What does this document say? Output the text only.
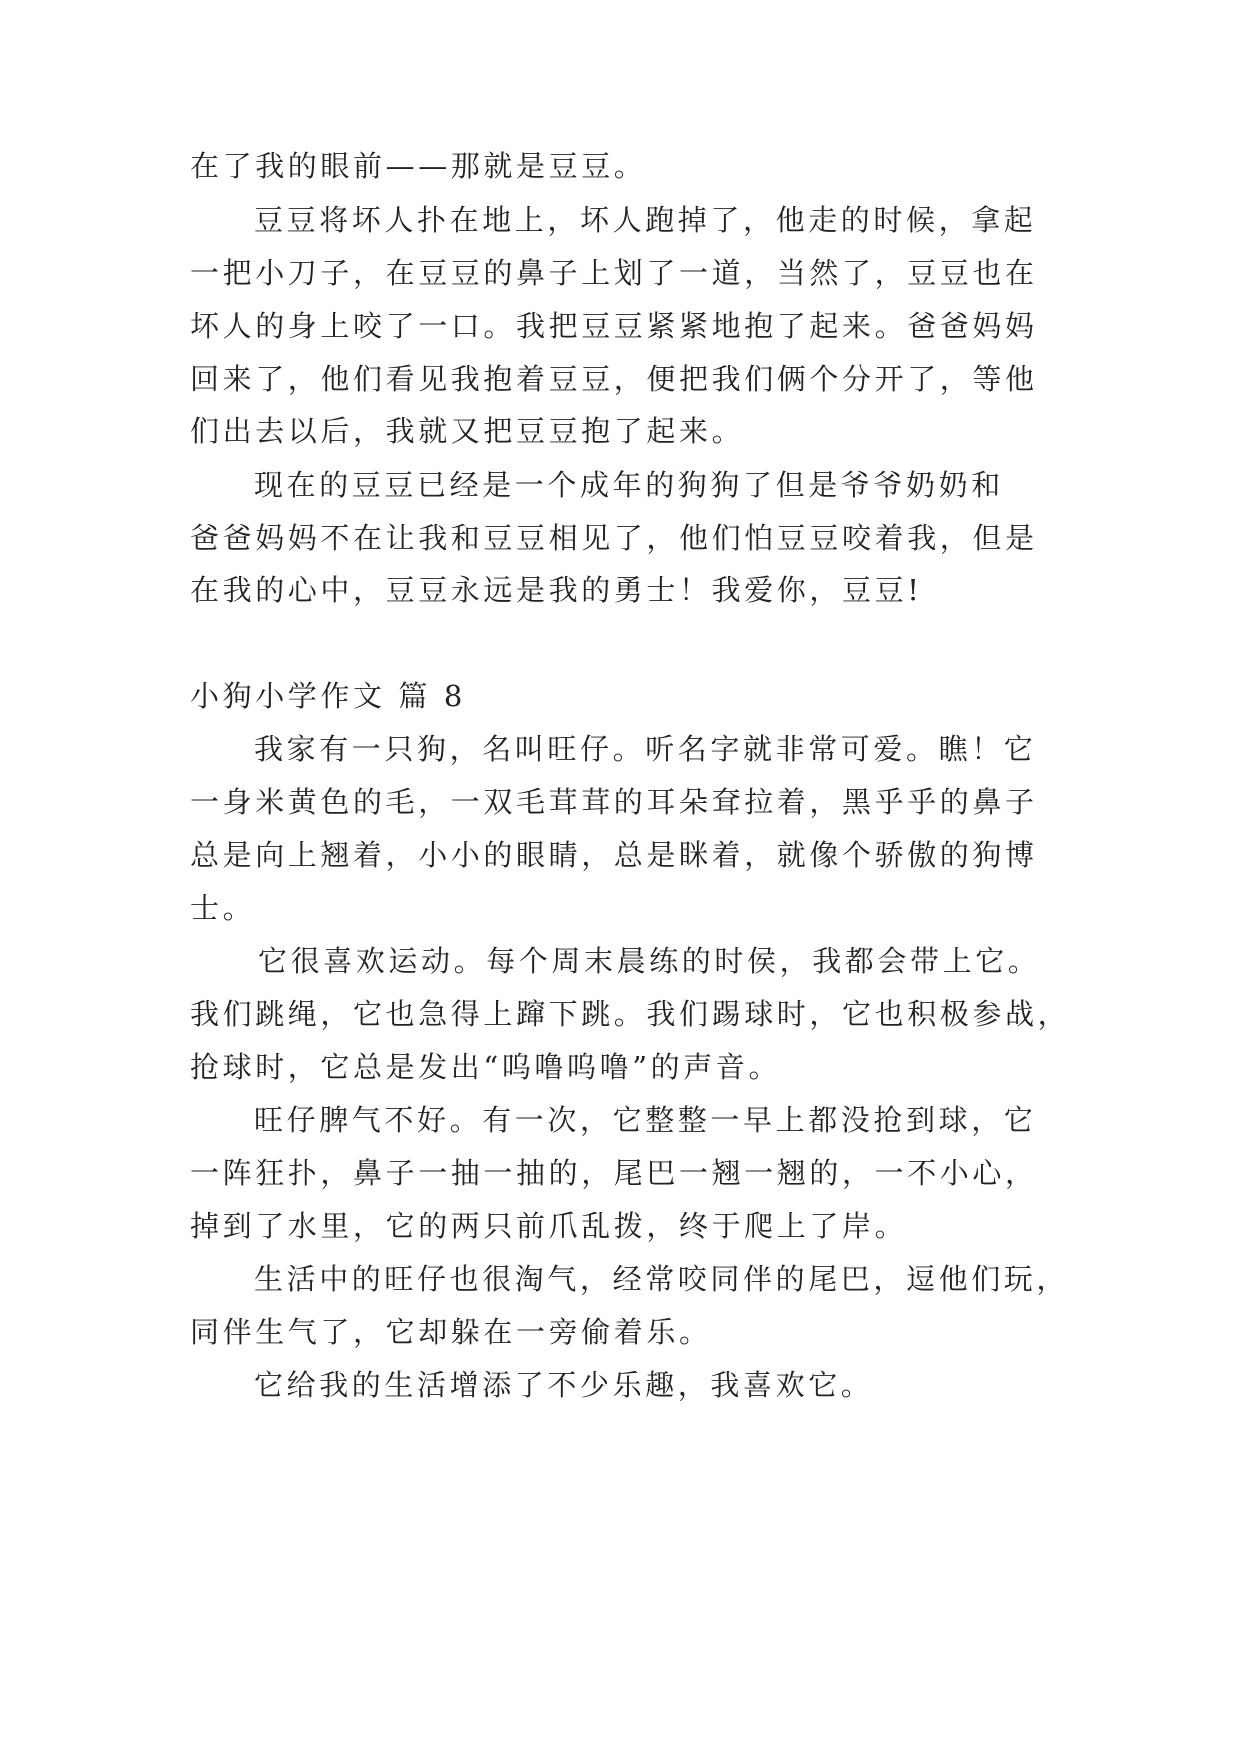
在了我的眼前——那就是豆豆。
豆豆将坏人扑在地上，坏人跑掉了，他走的时候，拿起
一把小刀子，在豆豆的鼻子上划了一道，当然了，豆豆也在
坏人的身上咬了一口。我把豆豆紧紧地抱了起来。爸爸妈妈
回来了，他们看见我抱着豆豆，便把我们俩个分开了，等他
们出去以后，我就又把豆豆抱了起来。
现在的豆豆已经是一个成年的狗狗了但是爷爷奶奶和
爸爸妈妈不在让我和豆豆相见了，他们怕豆豆咬着我，但是
在我的心中，豆豆永远是我的勇士！我爱你，豆豆!
小狗小学作文 篇 8
我家有一只狗，名叫旺仔。听名字就非常可爱。瞧！它
一身米黄色的毛，一双毛茸茸的耳朵耷拉着，黑乎乎的鼻子
总是向上翘着，小小的眼睛，总是眯着，就像个骄傲的狗博
士。
它很喜欢运动。每个周末晨练的时侯，我都会带上它。
我们跳绳，它也急得上蹿下跳。我们踢球时，它也积极参战，
抢球时，它总是发出“呜噜呜噜”的声音。
旺仔脾气不好。有一次，它整整一早上都没抢到球，它
一阵狂扑，鼻子一抽一抽的，尾巴一翘一翘的，一不小心，
掉到了水里，它的两只前爪乱拨，终于爬上了岸。
生活中的旺仔也很淘气，经常咬同伴的尾巴，逗他们玩，
同伴生气了，它却躲在一旁偷着乐。
它给我的生活增添了不少乐趣，我喜欢它。
